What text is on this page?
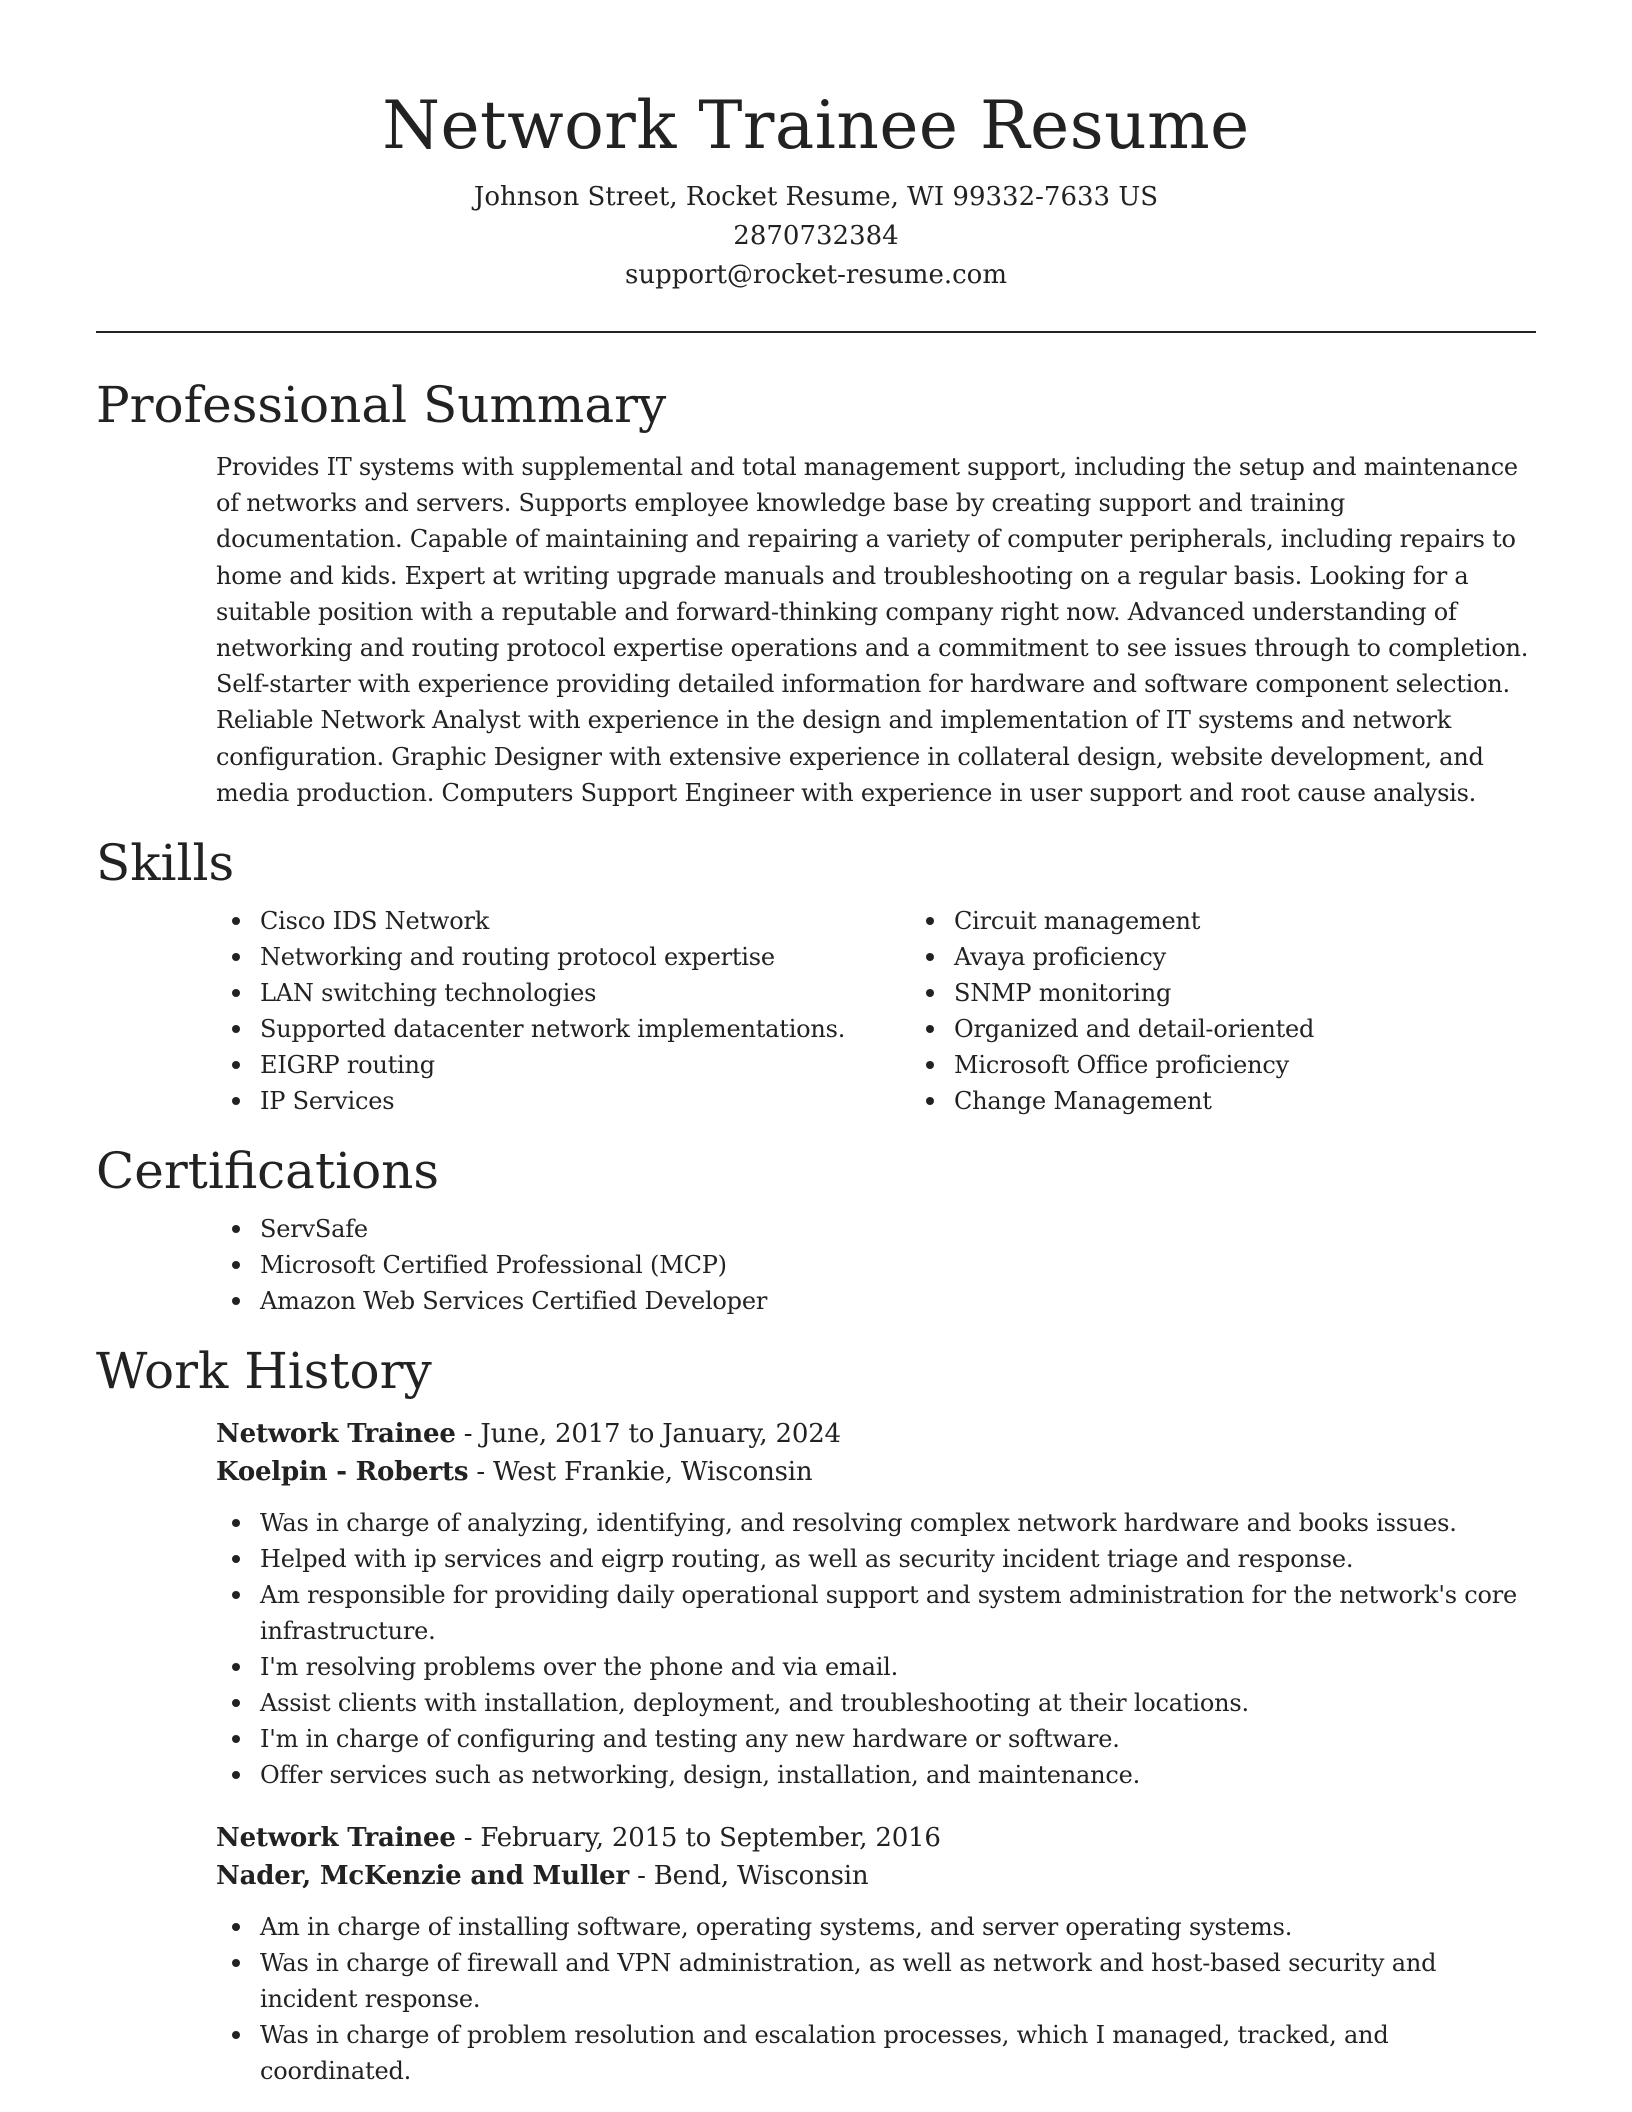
Network Trainee Resume
Johnson Street, Rocket Resume, WI 99332-7633 US
2870732384
support@rocket-resume.com
Professional Summary

Provides IT systems with supplemental and total management support, including the setup and maintenance of networks and servers. Supports employee knowledge base by creating support and training documentation. Capable of maintaining and repairing a variety of computer peripherals, including repairs to home and kids. Expert at writing upgrade manuals and troubleshooting on a regular basis. Looking for a suitable position with a reputable and forward-thinking company right now. Advanced understanding of networking and routing protocol expertise operations and a commitment to see issues through to completion. Self-starter with experience providing detailed information for hardware and software component selection. Reliable Network Analyst with experience in the design and implementation of IT systems and network configuration. Graphic Designer with extensive experience in collateral design, website development, and media production. Computers Support Engineer with experience in user support and root cause analysis.

Skills
Cisco IDS Network
Networking and routing protocol expertise
LAN switching technologies
Supported datacenter network implementations.
EIGRP routing
IP Services
Circuit management
Avaya proficiency
SNMP monitoring
Organized and detail-oriented
Microsoft Office proficiency
Change Management
Certifications
ServSafe
Microsoft Certified Professional (MCP)
Amazon Web Services Certified Developer
Work History
Network Trainee - June, 2017 to January, 2024
Koelpin - Roberts - West Frankie, Wisconsin
Was in charge of analyzing, identifying, and resolving complex network hardware and books issues.
Helped with ip services and eigrp routing, as well as security incident triage and response.
Am responsible for providing daily operational support and system administration for the network's core infrastructure.
I'm resolving problems over the phone and via email.
Assist clients with installation, deployment, and troubleshooting at their locations.
I'm in charge of configuring and testing any new hardware or software.
Offer services such as networking, design, installation, and maintenance.
Network Trainee - February, 2015 to September, 2016
Nader, McKenzie and Muller - Bend, Wisconsin
Am in charge of installing software, operating systems, and server operating systems.
Was in charge of firewall and VPN administration, as well as network and host-based security and incident response.
Was in charge of problem resolution and escalation processes, which I managed, tracked, and coordinated.
